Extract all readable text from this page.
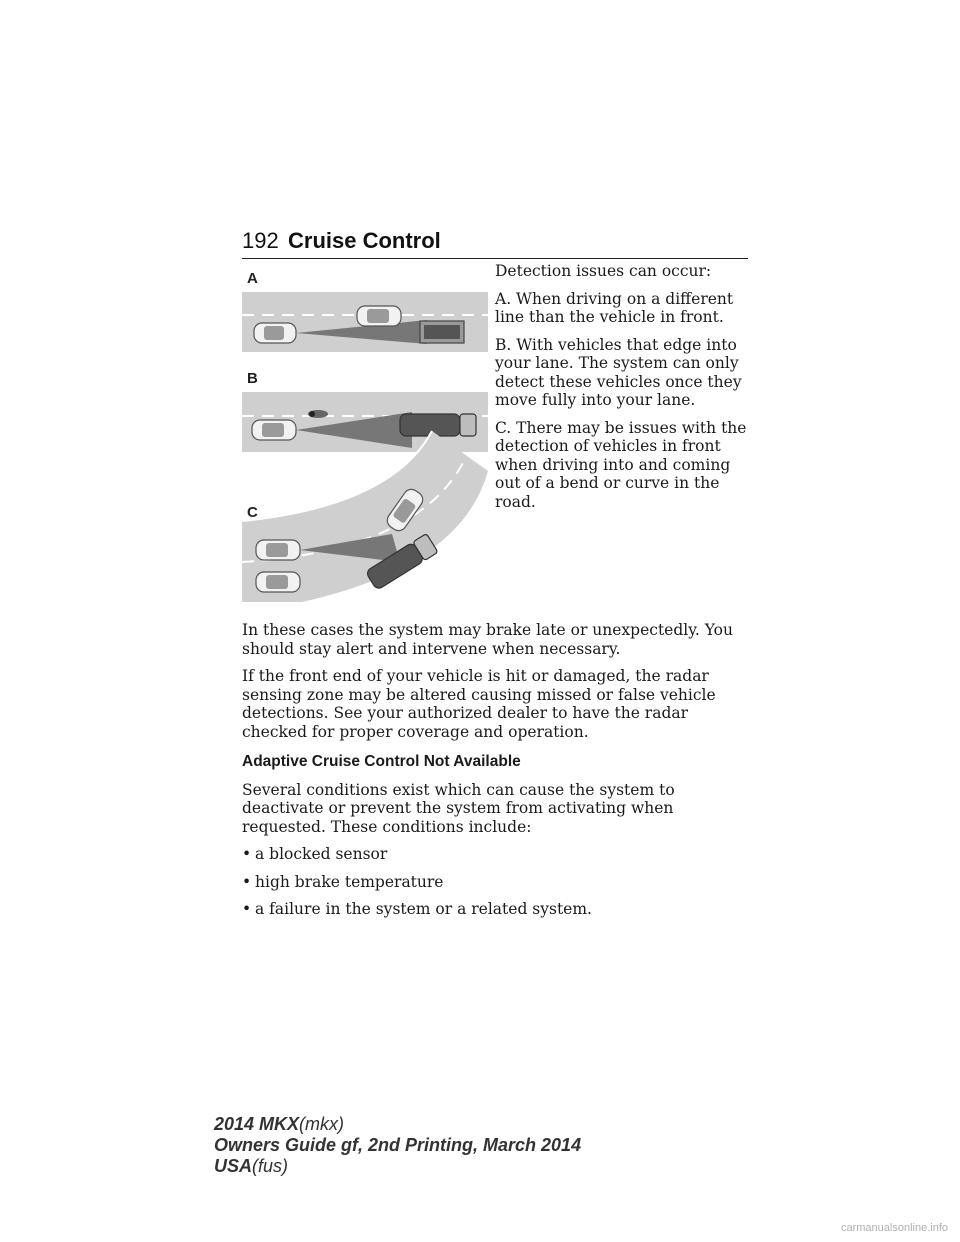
192 Cruise Control
A
B
C

Detection issues can occur:

A. When driving on a different line than the vehicle in front.

B. With vehicles that edge into your lane. The system can only detect these vehicles once they move fully into your lane.

C. There may be issues with the detection of vehicles in front when driving into and coming out of a bend or curve in the road.

In these cases the system may brake late or unexpectedly. You should stay alert and intervene when necessary.

If the front end of your vehicle is hit or damaged, the radar sensing zone may be altered causing missed or false vehicle detections. See your authorized dealer to have the radar checked for proper coverage and operation.

Adaptive Cruise Control Not Available

Several conditions exist which can cause the system to deactivate or prevent the system from activating when requested. These conditions include:

• a blocked sensor
• high brake temperature
• a failure in the system or a related system.
2014 MKX(mkx)
Owners Guide gf, 2nd Printing, March 2014
USA(fus)
carmanualsonline.info
